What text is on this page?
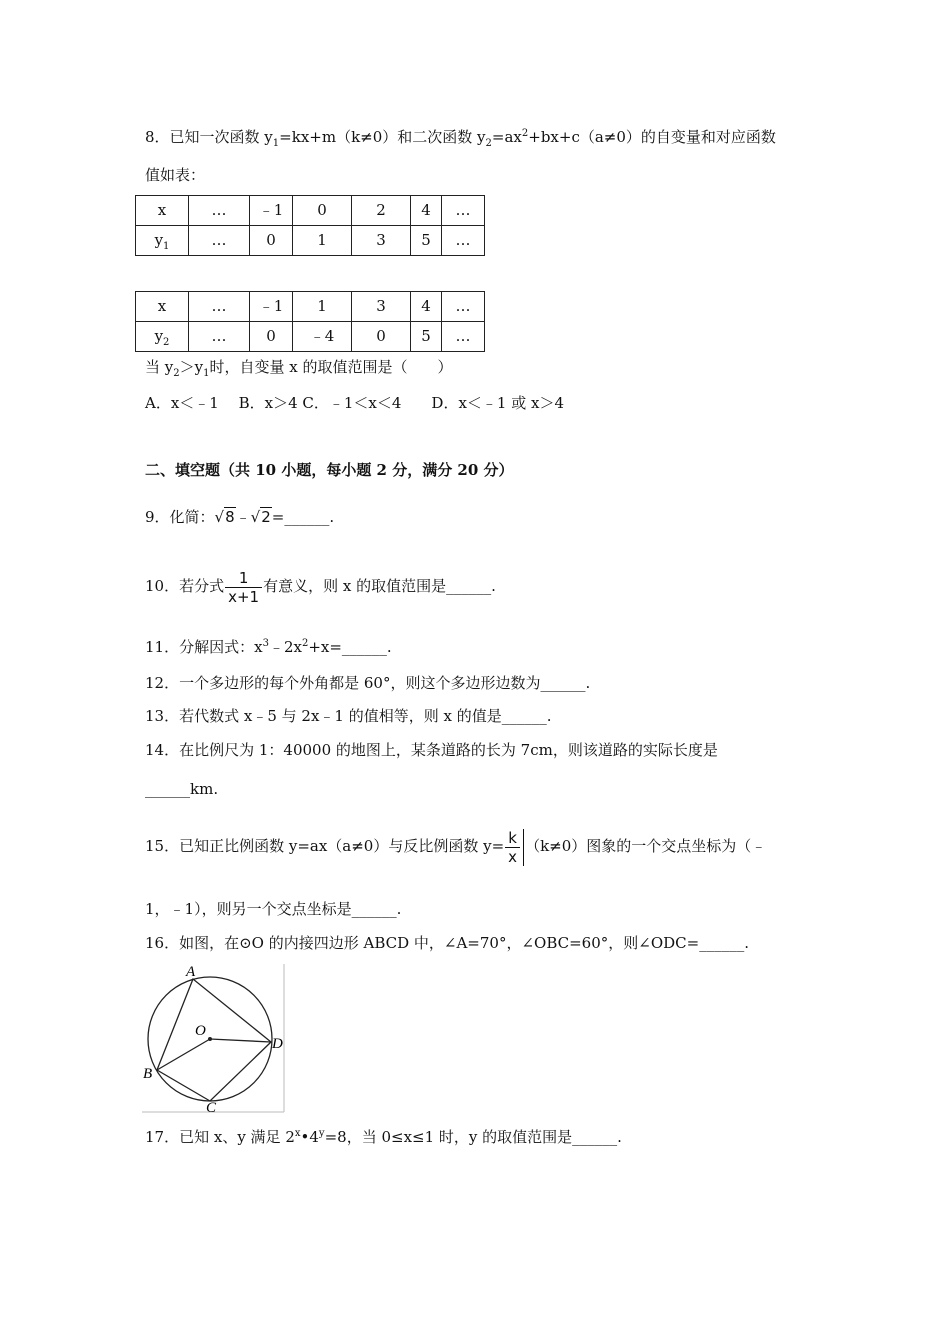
8．已知一次函数 $y_1=kx+m(k\ne 0)$和二次函数 $y_2=ax^2+bx+c(a\ne 0)$的自变量和对应函数
值如表：
x	…	﹣1	0	2	4	…
$y_1$	…	0	1	3	5	…
x	…	﹣1	1	3	4	…
$y_2$	…	0	﹣4	0	5	…
当 $y_2>y_1$时，自变量 x 的取值范围是（　　）
A．x＜﹣1　 B．x＞4 C．﹣1＜x＜4　　D．x＜﹣1 或 x＞4
二、填空题（共 10 小题，每小题 2 分，满分 20 分）
9．化简：√8﹣√2=______.
10．若分式 $\frac{1}{x+1}$ 有意义，则 x 的取值范围是______.
11．分解因式：$x^3﹣2x^2+x=\_\_\_\_\_\_$.
12．一个多边形的每个外角都是 60°，则这个多边形边数为______.
13．若代数式 x﹣5 与 2x﹣1 的值相等，则 x 的值是______.
14．在比例尺为 1：40000 的地图上，某条道路的长为 7cm，则该道路的实际长度是
______km.
15．已知正比例函数 y=ax（a≠0）与反比例函数 $y= \frac{k}{x} (k\ne 0)$图象的一个交点坐标为（﹣
1，﹣1），则另一个交点坐标是______.
16．如图，在⊙O 的内接四边形 ABCD 中，∠A=70°，∠OBC=60°，则∠ODC=______.
A
B
C
D
O
17．已知 x、y 满足 $2^x•4^y=8$，当 0≤x≤1 时，y 的取值范围是______.
